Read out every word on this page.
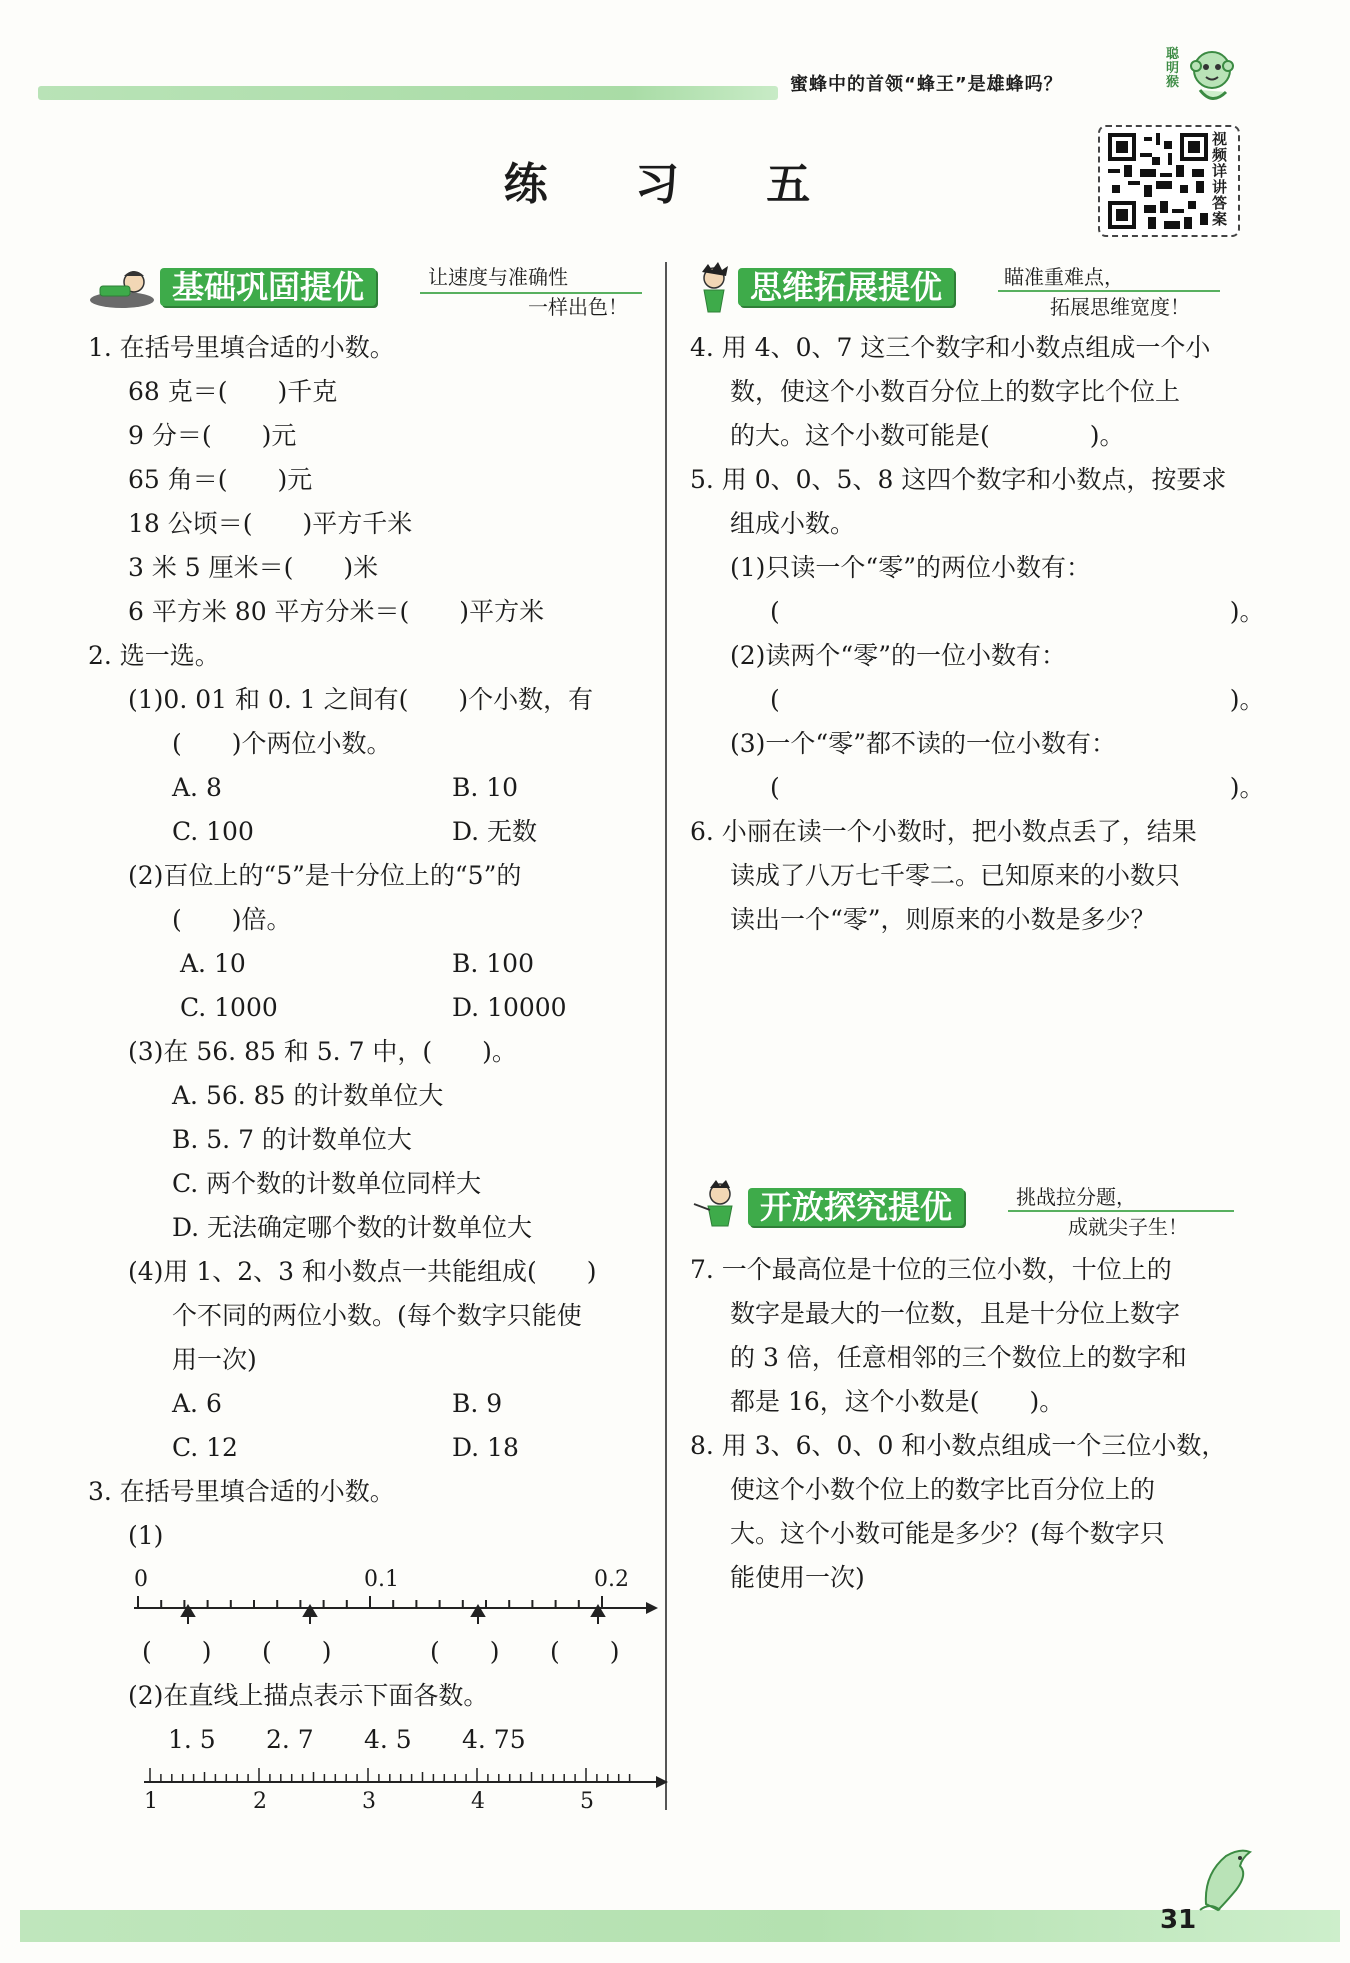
蜜蜂中的首领“蜂王”是雄蜂吗？
聪明猴
练 习 五
视频详讲答案
基础巩固提优	让速度与准确性
一样出色！
思维拓展提优	瞄准重难点，
拓展思维宽度！
1. 在括号里填合适的小数。
68 克＝(　　)千克
9 分＝(　　)元
65 角＝(　　)元
18 公顷＝(　　)平方千米
3 米 5 厘米＝(　　)米
6 平方米 80 平方分米＝(　　)平方米
2. 选一选。
(1)0. 01 和 0. 1 之间有(　　)个小数，有
(　　)个两位小数。
A. 8	B. 10
C. 100	D. 无数
(2)百位上的“5”是十分位上的“5”的
(　　)倍。
A. 10	B. 100
C. 1000	D. 10000
(3)在 56. 85 和 5. 7 中，(　　)。
A. 56. 85 的计数单位大
B. 5. 7 的计数单位大
C. 两个数的计数单位同样大
D. 无法确定哪个数的计数单位大
(4)用 1、2、3 和小数点一共能组成(　　)
个不同的两位小数。(每个数字只能使
用一次)
A. 6	B. 9
C. 12	D. 18
3. 在括号里填合适的小数。
(1)
0	0.1	0.2
(　　) (　　)	(　　) (　　)
(2)在直线上描点表示下面各数。
1. 5 2. 7 4. 5 4. 75
1	2	3	4	5
4. 用 4、0、7 这三个数字和小数点组成一个小
数，使这个小数百分位上的数字比个位上
的大。这个小数可能是(　　　　)。
5. 用 0、0、5、8 这四个数字和小数点，按要求
组成小数。
(1)只读一个“零”的两位小数有：
(　　　　　　　　　　　　　　　　　　)。
(2)读两个“零”的一位小数有：
(　　　　　　　　　　　　　　　　　　)。
(3)一个“零”都不读的一位小数有：
(　　　　　　　　　　　　　　　　　　)。
6. 小丽在读一个小数时，把小数点丢了，结果
读成了八万七千零二。已知原来的小数只
读出一个“零”，则原来的小数是多少？
开放探究提优	挑战拉分题，
成就尖子生！
7. 一个最高位是十位的三位小数，十位上的
数字是最大的一位数，且是十分位上数字
的 3 倍，任意相邻的三个数位上的数字和
都是 16，这个小数是(　　)。
8. 用 3、6、0、0 和小数点组成一个三位小数，
使这个小数个位上的数字比百分位上的
大。这个小数可能是多少？(每个数字只
能使用一次)
31
